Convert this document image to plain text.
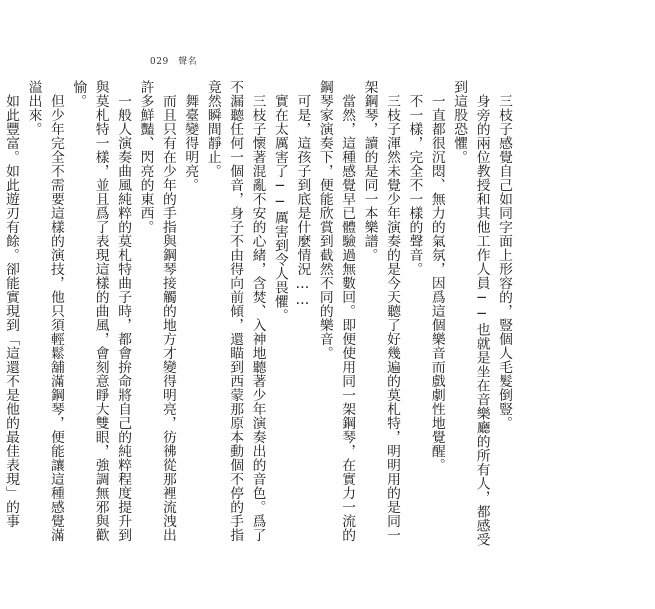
029 聲名

三枝子感覺自己如同字面上形容的，豎個人毛髮倒豎。

身旁的兩位教授和其他工作人員──也就是坐在音樂廳的所有人，都感受到這股恐懼。

一直都很沉悶、無力的氣氛，因爲這個樂音而戲劇性地覺醒。

不一樣，完全不一樣的聲音。

三枝子渾然未覺少年演奏的是今天聽了好幾遍的莫札特，明明用的是同一架鋼琴，讀的是同一本樂譜。

當然，這種感覺早已體驗過無數回。即便使用同一架鋼琴，在實力一流的鋼琴家演奏下，便能欣賞到截然不同的樂音。

可是，這孩子到底是什麼情況……

實在太厲害了──厲害到令人畏懼。

三枝子懷著混亂不安的心緒，含焚、入神地聽著少年演奏出的音色。爲了不漏聽任何一個音，身子不由得向前傾，還瞄到西蒙那原本動個不停的手指竟然瞬間靜止。

舞臺變得明亮。

而且只有在少年的手指與鋼琴接觸的地方才變得明亮，彷彿從那裡流洩出許多鮮豔、閃亮的東西。

一般人演奏曲風純粹的莫札特曲子時，都會拚命將自己的純粹程度提升到與莫札特一樣，並且爲了表現這樣的曲風，會刻意睜大雙眼，強調無邪與歡愉。

但少年完全不需要這樣的演技，他只須輕鬆舖滿鋼琴，便能讓這種感覺滿溢出來。

如此豐富。如此遊刃有餘。卻能實現到「這還不是他的最佳表現」的事
